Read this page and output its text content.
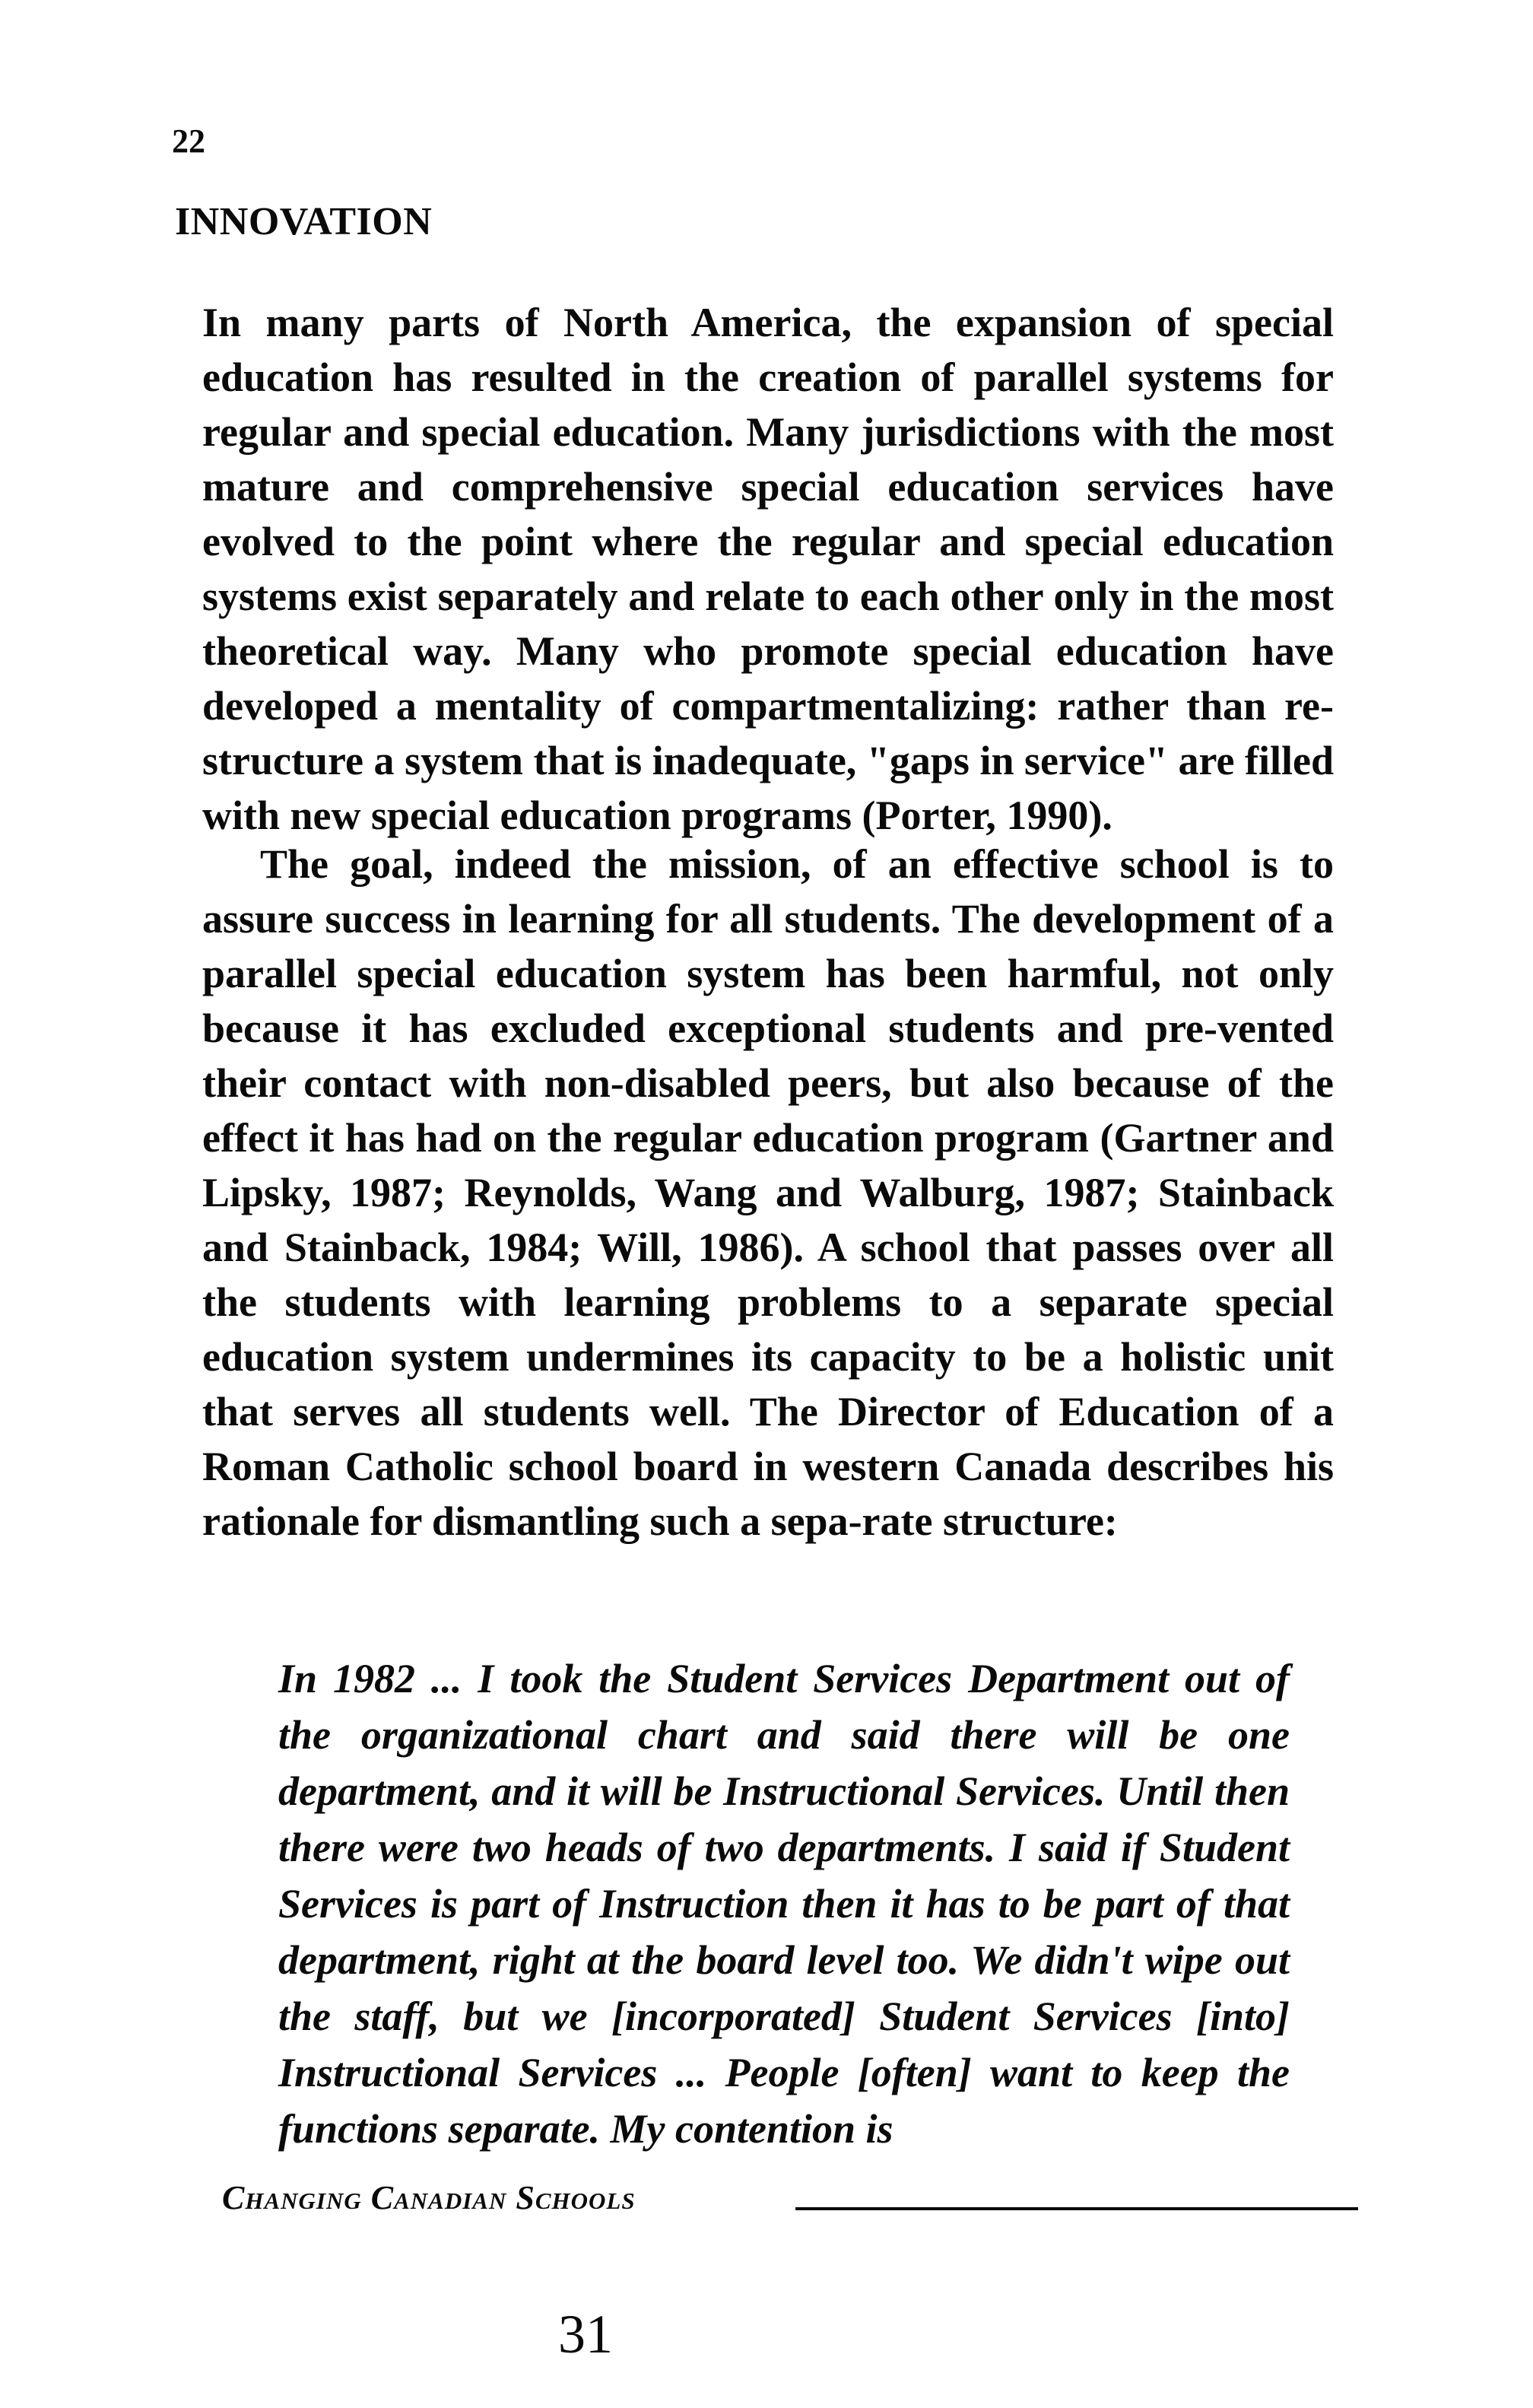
22
INNOVATION

In many parts of North America, the expansion of special education has resulted in the creation of parallel systems for regular and special education. Many jurisdictions with the most mature and comprehensive special education services have evolved to the point where the regular and special education systems exist separately and relate to each other only in the most theoretical way. Many who promote special education have developed a mentality of compartmentalizing: rather than re-structure a system that is inadequate, "gaps in service" are filled with new special education programs (Porter, 1990).

The goal, indeed the mission, of an effective school is to assure success in learning for all students. The development of a parallel special education system has been harmful, not only because it has excluded exceptional students and pre-vented their contact with non-disabled peers, but also because of the effect it has had on the regular education program (Gartner and Lipsky, 1987; Reynolds, Wang and Walburg, 1987; Stainback and Stainback, 1984; Will, 1986). A school that passes over all the students with learning problems to a separate special education system undermines its capacity to be a holistic unit that serves all students well. The Director of Education of a Roman Catholic school board in western Canada describes his rationale for dismantling such a sepa-rate structure:

In 1982 ... I took the Student Services Department out of the organizational chart and said there will be one department, and it will be Instructional Services. Until then there were two heads of two departments. I said if Student Services is part of Instruction then it has to be part of that department, right at the board level too. We didn't wipe out the staff, but we [incorporated] Student Services [into] Instructional Services ... People [often] want to keep the functions separate. My contention is

Changing Canadian Schools
31
